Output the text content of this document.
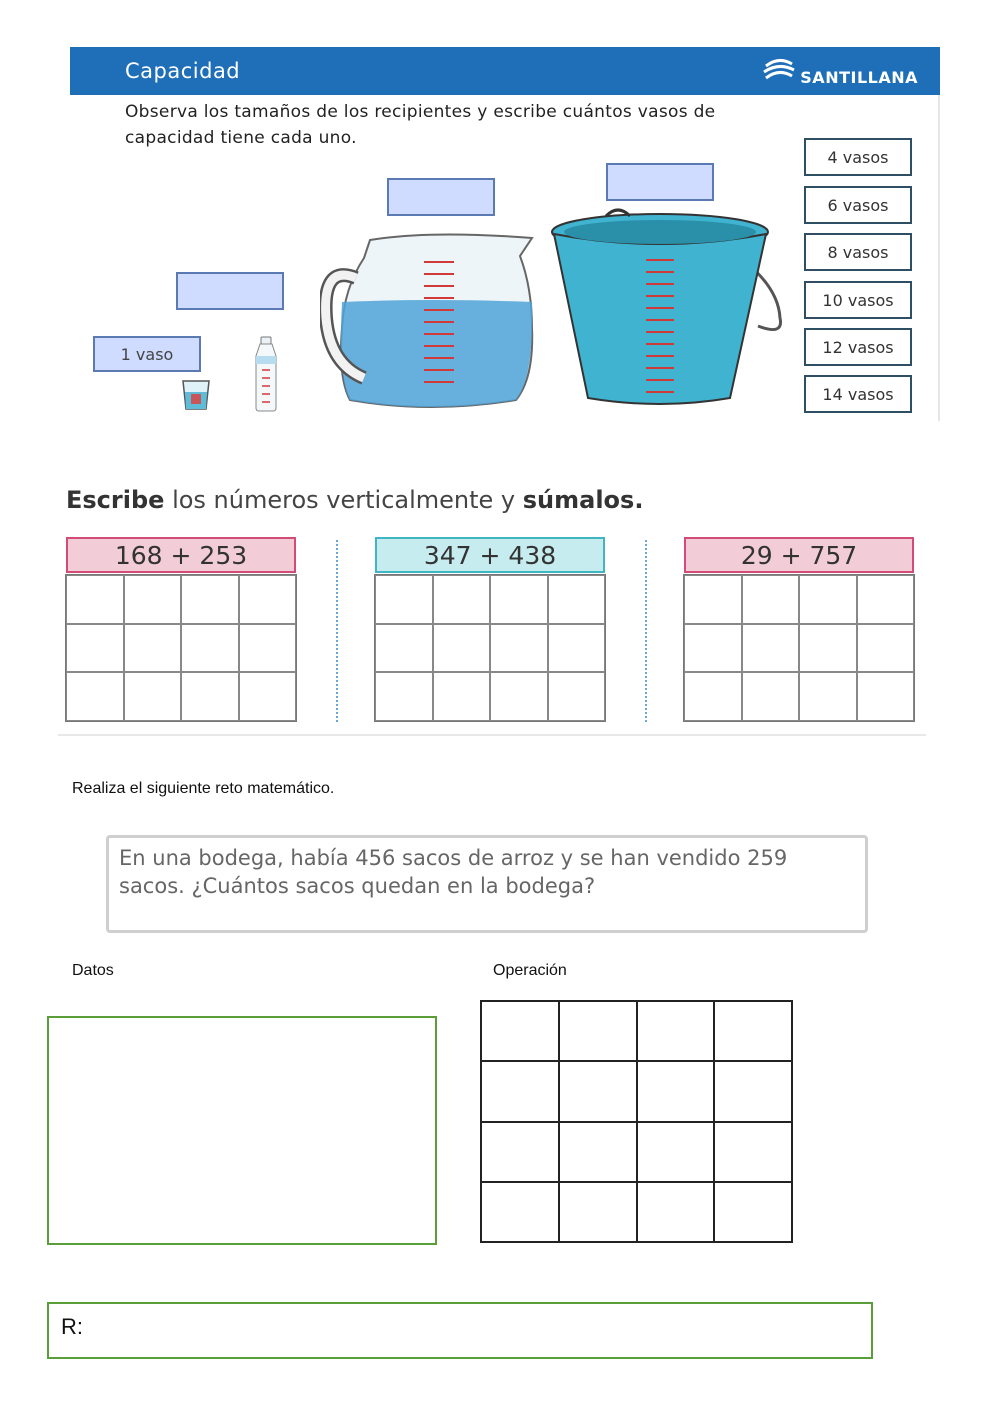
Capacidad	SANTILLANA
Observa los tamaños de los recipientes y escribe cuántos vasos de capacidad tiene cada uno.
1 vaso
4 vasos
6 vasos
8 vasos
10 vasos
12 vasos
14 vasos
Escribe los números verticalmente y súmalos.
168 + 253	347 + 438	29 + 757
Realiza el siguiente reto matemático.
En una bodega, había 456 sacos de arroz y se han vendido 259 sacos. ¿Cuántos sacos quedan en la bodega?
Datos	Operación
R:
